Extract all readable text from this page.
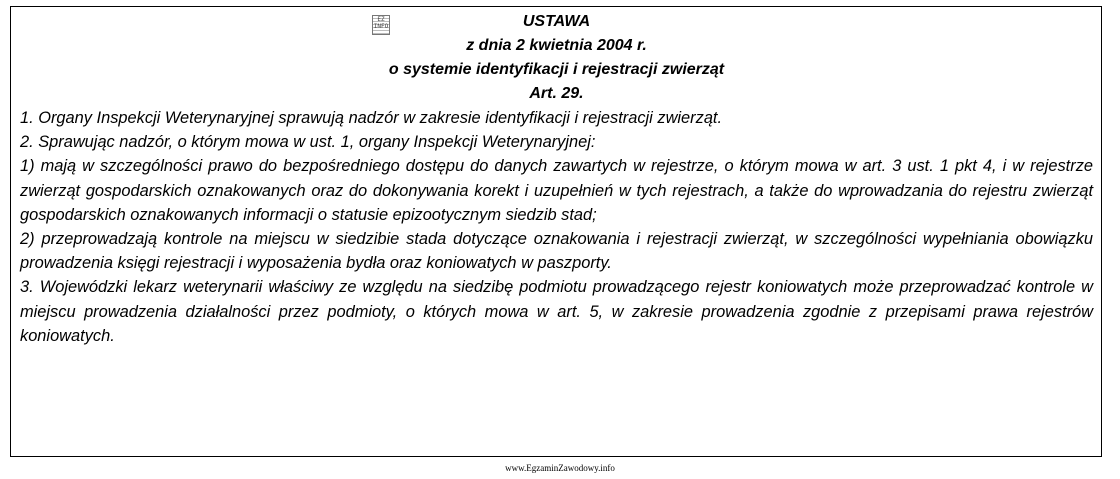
EZ INFO	USTAWA
z dnia 2 kwietnia 2004 r.
o systemie identyfikacji i rejestracji zwierząt
Art. 29.

1. Organy Inspekcji Weterynaryjnej sprawują nadzór w zakresie identyfikacji i rejestracji zwierząt.

2. Sprawując nadzór, o którym mowa w ust. 1, organy Inspekcji Weterynaryjnej:

1) mają w szczególności prawo do bezpośredniego dostępu do danych zawartych w rejestrze, o którym mowa w art. 3 ust. 1 pkt 4, i w rejestrze zwierząt gospodarskich oznakowanych oraz do dokonywania korekt i uzupełnień w tych rejestrach, a także do wprowadzania do rejestru zwierząt gospodarskich oznakowanych informacji o statusie epizootycznym siedzib stad;

2) przeprowadzają kontrole na miejscu w siedzibie stada dotyczące oznakowania i rejestracji zwierząt, w szczególności wypełniania obowiązku prowadzenia księgi rejestracji i wyposażenia bydła oraz koniowatych w paszporty.

3. Wojewódzki lekarz weterynarii właściwy ze względu na siedzibę podmiotu prowadzącego rejestr koniowatych może przeprowadzać kontrole w miejscu prowadzenia działalności przez podmioty, o których mowa w art. 5, w zakresie prowadzenia zgodnie z przepisami prawa rejestrów koniowatych.

www.EgzaminZawodowy.info
